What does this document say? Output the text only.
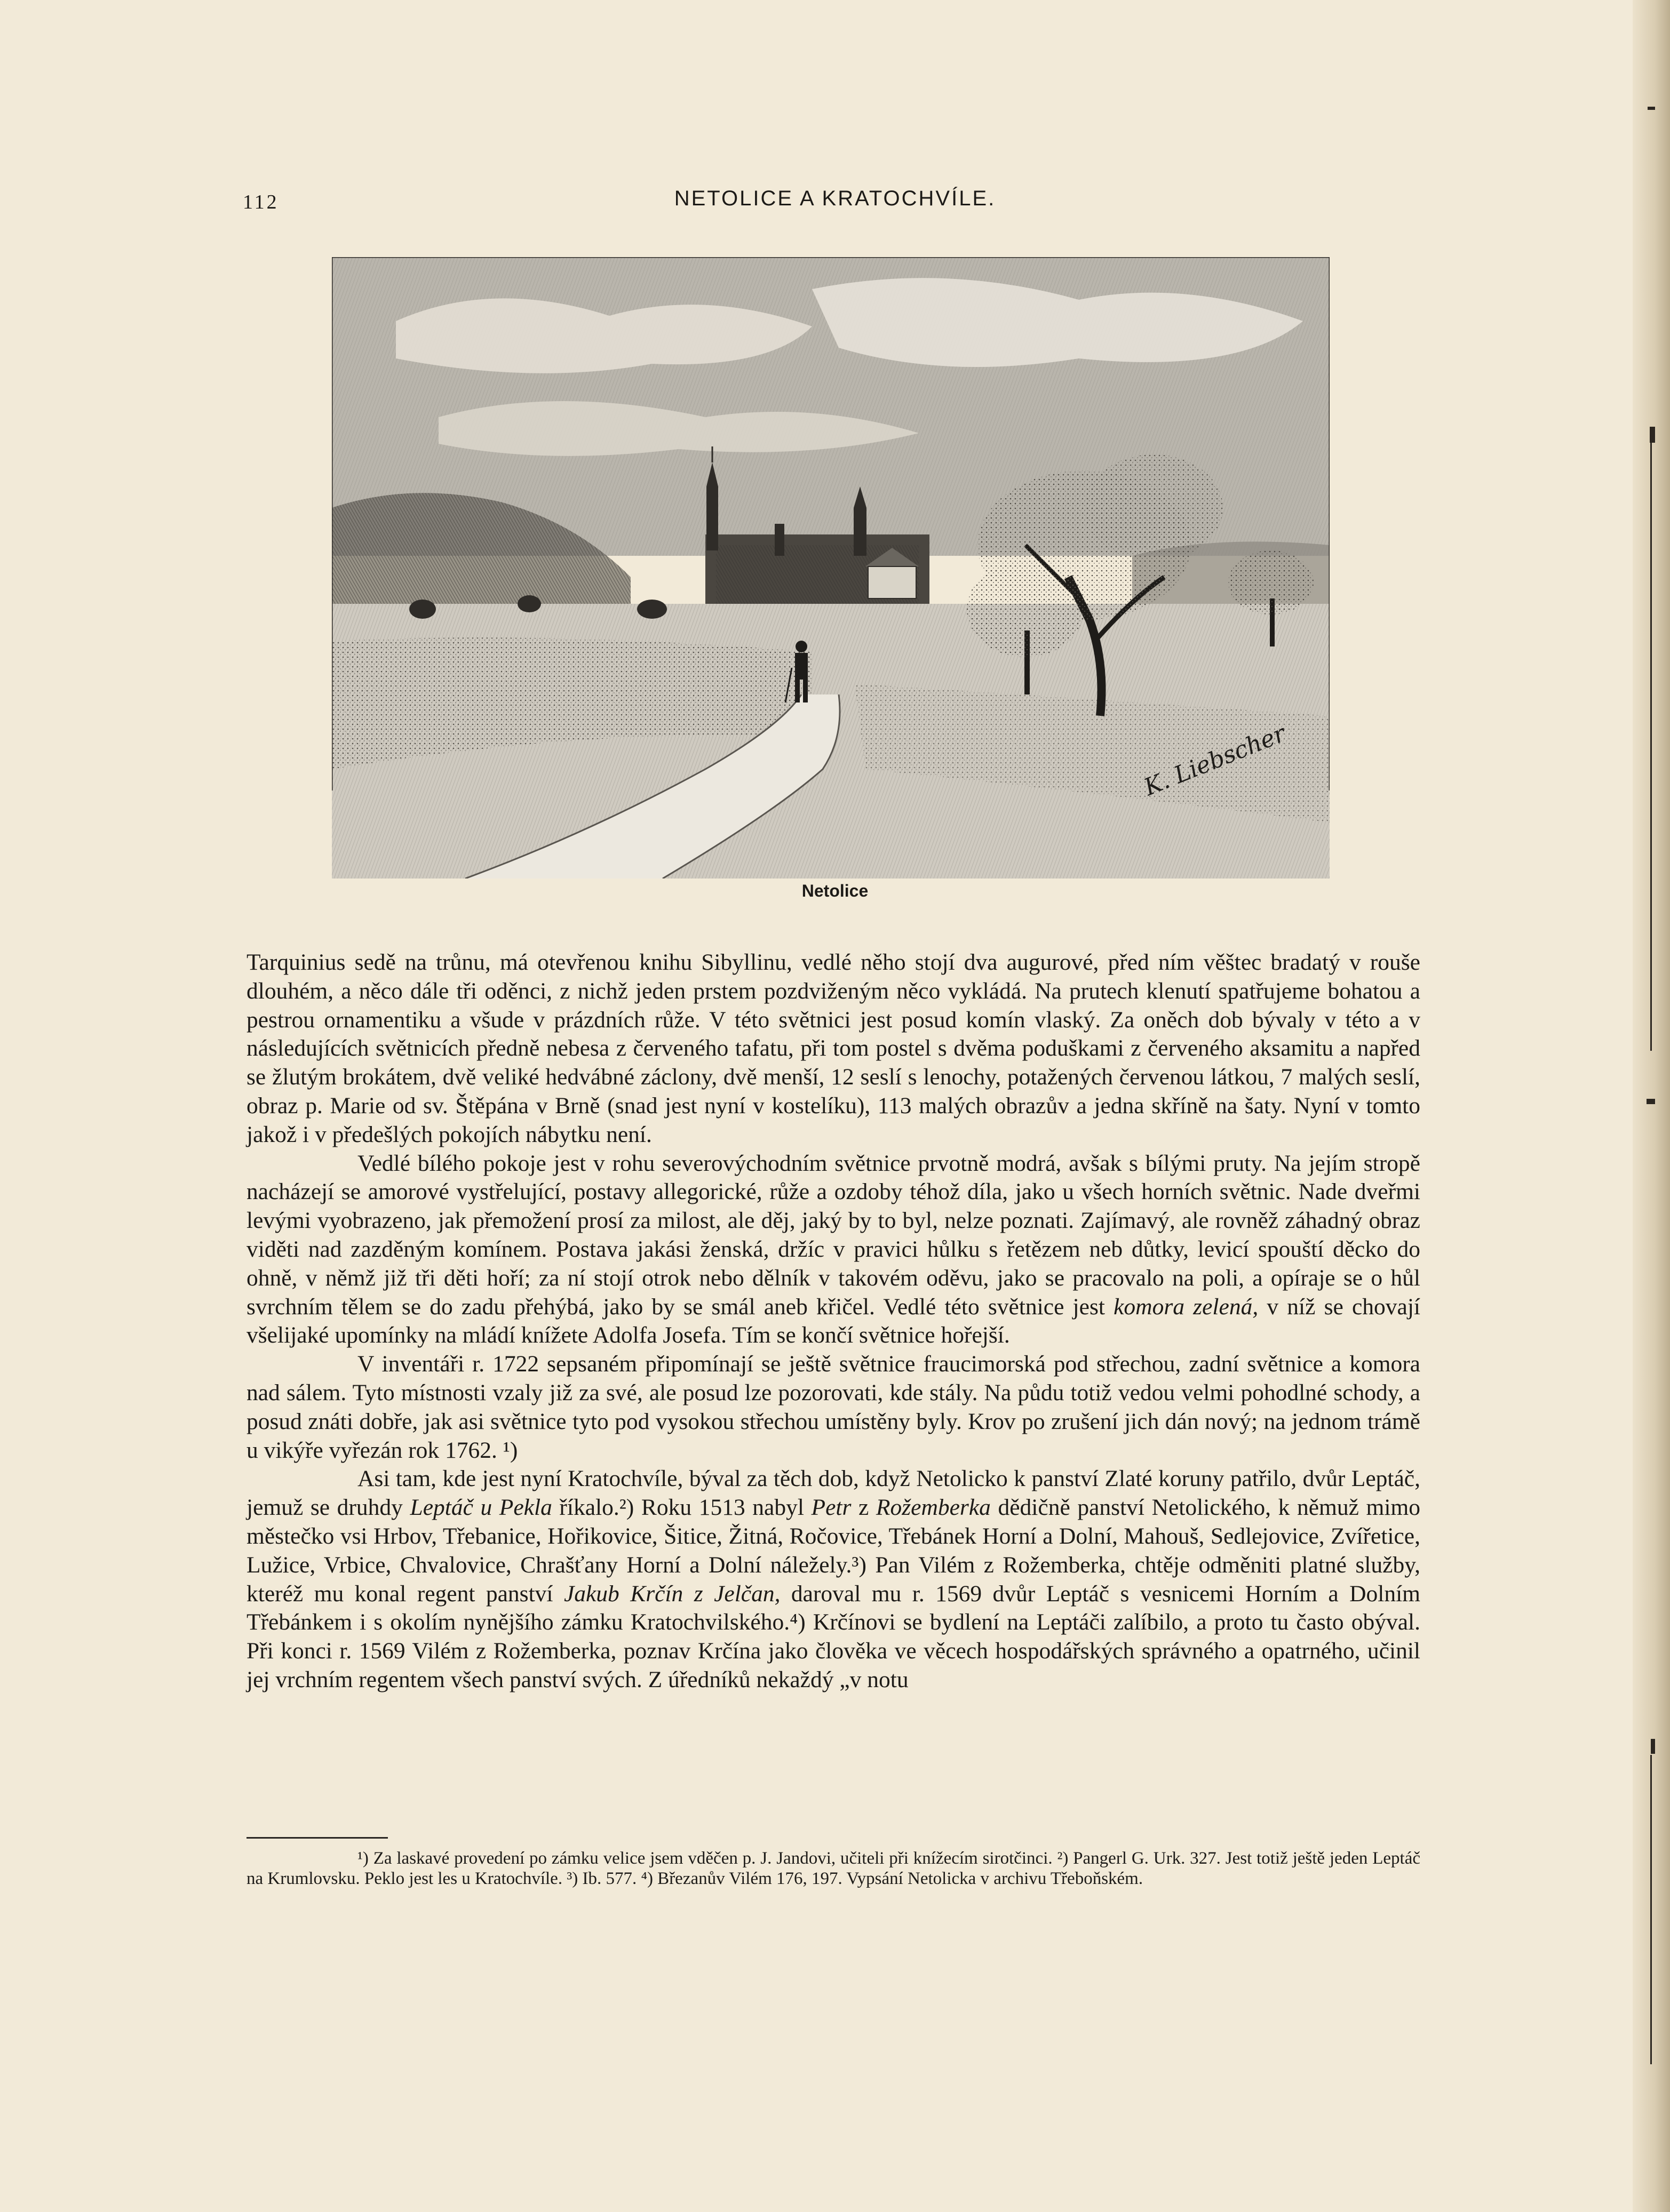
112	NETOLICE A KRATOCHVÍLE.
K. Liebscher
Netolice

Tarquinius sedě na trůnu, má otevřenou knihu Sibyllinu, vedlé něho stojí dva augurové, před ním věštec bradatý v rouše dlouhém, a něco dále tři oděnci, z nichž jeden prstem pozdviženým něco vykládá. Na prutech klenutí spatřujeme bohatou a pestrou ornamentiku a všude v prázdních růže. V této světnici jest posud komín vlaský. Za oněch dob bývaly v této a v následujících světnicích předně nebesa z červeného tafatu, při tom postel s dvěma poduškami z červeného aksamitu a napřed se žlutým brokátem, dvě veliké hedvábné záclony, dvě menší, 12 seslí s lenochy, potažených červenou látkou, 7 malých seslí, obraz p. Marie od sv. Štěpána v Brně (snad jest nyní v kostelíku), 113 malých obrazův a jedna skříně na šaty. Nyní v tomto jakož i v předešlých pokojích nábytku není.

Vedlé bílého pokoje jest v rohu severovýchodním světnice prvotně modrá, avšak s bílými pruty. Na jejím stropě nacházejí se amorové vystřelující, postavy allegorické, růže a ozdoby téhož díla, jako u všech horních světnic. Nade dveřmi levými vyobrazeno, jak přemožení prosí za milost, ale děj, jaký by to byl, nelze poznati. Zajímavý, ale rovněž záhadný obraz viděti nad zazděným komínem. Postava jakási ženská, držíc v pravici hůlku s řetězem neb důtky, levicí spouští děcko do ohně, v němž již tři děti hoří; za ní stojí otrok nebo dělník v takovém oděvu, jako se pracovalo na poli, a opíraje se o hůl svrchním tělem se do zadu přehýbá, jako by se smál aneb křičel. Vedlé této světnice jest komora zelená, v níž se chovají všelijaké upomínky na mládí knížete Adolfa Josefa. Tím se končí světnice hořejší.

V inventáři r. 1722 sepsaném připomínají se ještě světnice fraucimorská pod střechou, zadní světnice a komora nad sálem. Tyto místnosti vzaly již za své, ale posud lze pozorovati, kde stály. Na půdu totiž vedou velmi pohodlné schody, a posud znáti dobře, jak asi světnice tyto pod vysokou střechou umístěny byly. Krov po zrušení jich dán nový; na jednom trámě u vikýře vyřezán rok 1762. ¹)

Asi tam, kde jest nyní Kratochvíle, býval za těch dob, když Netolicko k panství Zlaté koruny patřilo, dvůr Leptáč, jemuž se druhdy Leptáč u Pekla říkalo.²) Roku 1513 nabyl Petr z Rožemberka dědičně panství Netolického, k němuž mimo městečko vsi Hrbov, Třebanice, Hořikovice, Šitice, Žitná, Ročovice, Třebánek Horní a Dolní, Mahouš, Sedlejovice, Zvířetice, Lužice, Vrbice, Chvalovice, Chrašťany Horní a Dolní náležely.³) Pan Vilém z Rožemberka, chtěje odměniti platné služby, kteréž mu konal regent panství Jakub Krčín z Jelčan, daroval mu r. 1569 dvůr Leptáč s vesnicemi Horním a Dolním Třebánkem i s okolím nynějšího zámku Kratochvilského.⁴) Krčínovi se bydlení na Leptáči zalíbilo, a proto tu často obýval. Při konci r. 1569 Vilém z Rožemberka, poznav Krčína jako člověka ve věcech hospodářských správného a opatrného, učinil jej vrchním regentem všech panství svých. Z úředníků nekaždý „v notu

¹) Za laskavé provedení po zámku velice jsem vděčen p. J. Jandovi, učiteli při knížecím sirotčinci. ²) Pangerl G. Urk. 327. Jest totiž ještě jeden Leptáč na Krumlovsku. Peklo jest les u Kratochvíle. ³) Ib. 577. ⁴) Březanův Vilém 176, 197. Vypsání Netolicka v archivu Třeboňském.
